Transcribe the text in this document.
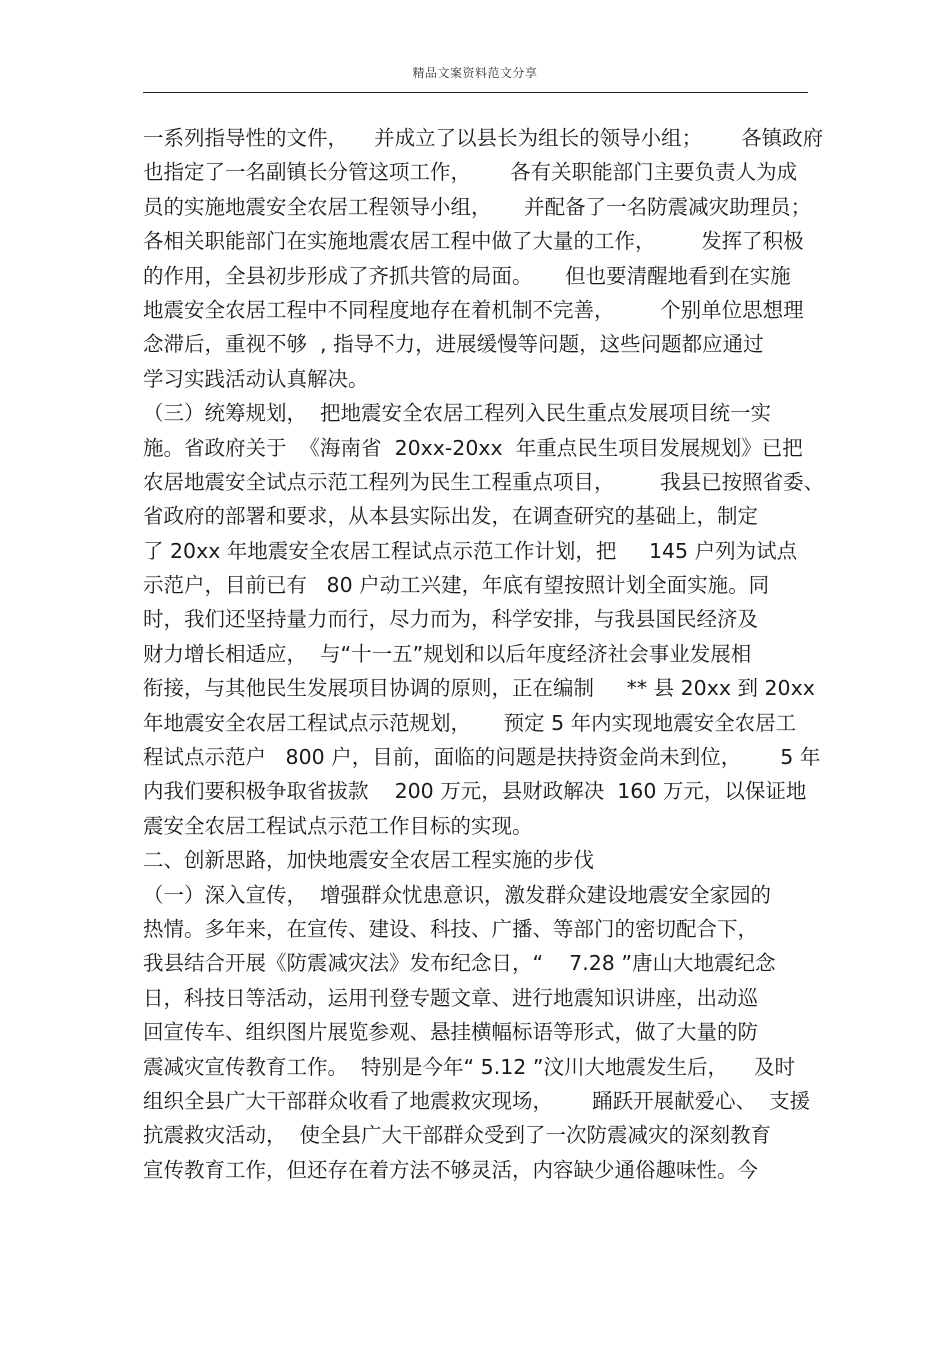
精品文案资料范文分享
一系列指导性的文件，    并成立了以县长为组长的领导小组；      各镇政府
也指定了一名副镇长分管这项工作，      各有关职能部门主要负责人为成
员的实施地震安全农居工程领导小组，     并配备了一名防震减灾助理员；
各相关职能部门在实施地震农居工程中做了大量的工作，       发挥了积极
的作用，全县初步形成了齐抓共管的局面。     但也要清醒地看到在实施
地震安全农居工程中不同程度地存在着机制不完善，       个别单位思想理
念滞后，重视不够  , 指导不力，进展缓慢等问题，这些问题都应通过
学习实践活动认真解决。
（三）统筹规划，  把地震安全农居工程列入民生重点发展项目统一实
施。省政府关于  《海南省  20xx-20xx  年重点民生项目发展规划》已把
农居地震安全试点示范工程列为民生工程重点项目，       我县已按照省委、
省政府的部署和要求，从本县实际出发，在调查研究的基础上，制定
了 20xx 年地震安全农居工程试点示范工作计划，把     145 户列为试点
示范户，目前已有   80 户动工兴建，年底有望按照计划全面实施。同
时，我们还坚持量力而行，尽力而为，科学安排，与我县国民经济及
财力增长相适应，  与“十一五”规划和以后年度经济社会事业发展相
衔接，与其他民生发展项目协调的原则，正在编制     ** 县 20xx 到 20xx
年地震安全农居工程试点示范规划，     预定 5 年内实现地震安全农居工
程试点示范户   800 户，目前，面临的问题是扶持资金尚未到位，      5 年
内我们要积极争取省拔款    200 万元，县财政解决  160 万元，以保证地
震安全农居工程试点示范工作目标的实现。
二、创新思路，加快地震安全农居工程实施的步伐
（一）深入宣传，  增强群众忧患意识，激发群众建设地震安全家园的
热情。多年来，在宣传、建设、科技、广播、等部门的密切配合下，
我县结合开展《防震减灾法》发布纪念日，“    7.28 ”唐山大地震纪念
日，科技日等活动，运用刊登专题文章、进行地震知识讲座，出动巡
回宣传车、组织图片展览参观、悬挂横幅标语等形式，做了大量的防
震减灾宣传教育工作。  特别是今年“ 5.12 ”汶川大地震发生后，    及时
组织全县广大干部群众收看了地震救灾现场，      踊跃开展献爱心、  支援
抗震救灾活动，  使全县广大干部群众受到了一次防震减灾的深刻教育
宣传教育工作，但还存在着方法不够灵活，内容缺少通俗趣味性。今
